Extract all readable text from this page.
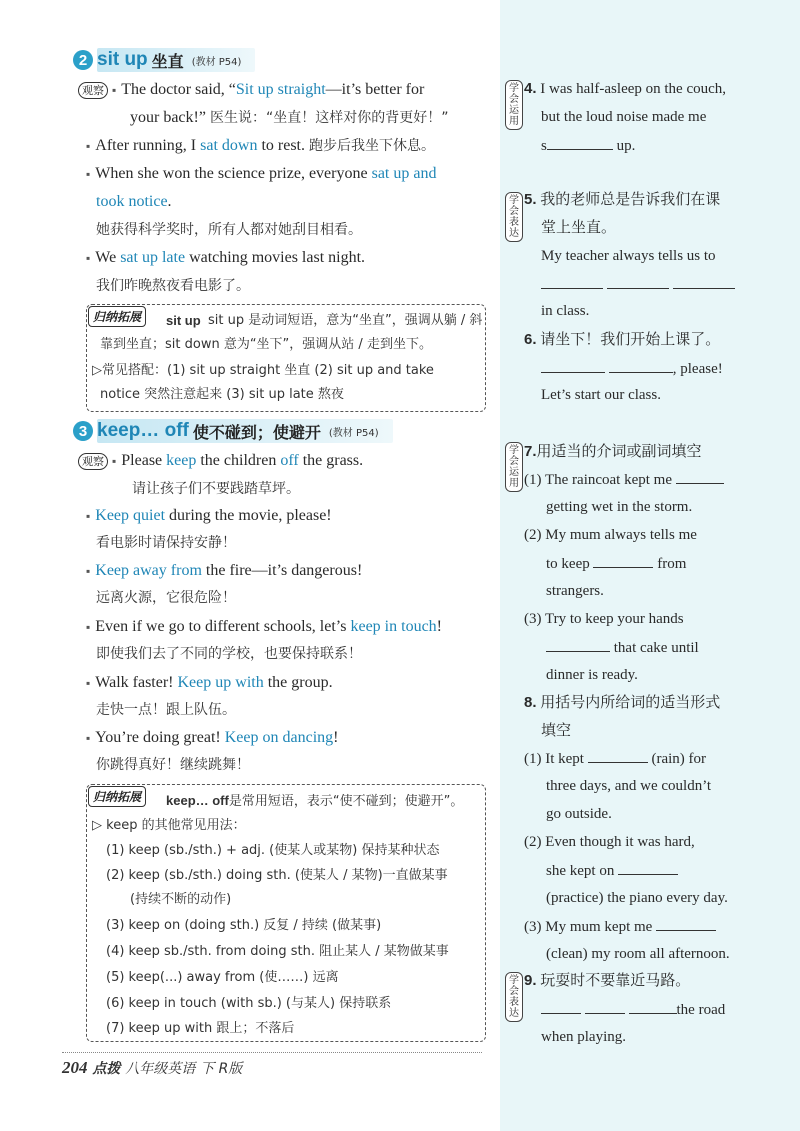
2 sit up 坐直 (教材 P54)
观察 ▪ The doctor said, “Sit up straight—it’s better for
your back!” 医生说：“坐直！这样对你的背更好！”
▪ After running, I sat down to rest. 跑步后我坐下休息。
▪ When she won the science prize, everyone sat up and
took notice.
她获得科学奖时，所有人都对她刮目相看。
▪ We sat up late watching movies last night.
我们昨晚熬夜看电影了。
归纳拓展	sit up sit up 是动词短语，意为“坐直”，强调从躺 / 斜
靠到坐直；sit down 意为“坐下”，强调从站 / 走到坐下。
▷常见搭配：(1) sit up straight 坐直 (2) sit up and take
notice 突然注意起来 (3) sit up late 熬夜
3 keep… off 使不碰到；使避开 (教材 P54)
观察 ▪ Please keep the children off the grass.
请让孩子们不要践踏草坪。
▪ Keep quiet during the movie, please!
看电影时请保持安静！
▪ Keep away from the fire—it’s dangerous!
远离火源，它很危险！
▪ Even if we go to different schools, let’s keep in touch!
即使我们去了不同的学校，也要保持联系！
▪ Walk faster! Keep up with the group.
走快一点！跟上队伍。
▪ You’re doing great! Keep on dancing!
你跳得真好！继续跳舞！
归纳拓展	keep… off是常用短语，表示“使不碰到；使避开”。
▷ keep 的其他常见用法：
(1) keep (sb./sth.) + adj. (使某人或某物) 保持某种状态
(2) keep (sb./sth.) doing sth. (使某人 / 某物)一直做某事
(持续不断的动作)
(3) keep on (doing sth.) 反复 / 持续 (做某事)
(4) keep sb./sth. from doing sth. 阻止某人 / 某物做某事
(5) keep(...) away from (使……) 远离
(6) keep in touch (with sb.) (与某人) 保持联系
(7) keep up with 跟上；不落后
204 点拨 八年级英语 下 R版
学
会
运
用
4. I was half-asleep on the couch,
but the loud noise made me
s	up.
学
会
表
达
5. 我的老师总是告诉我们在课
堂上坐直。
My teacher always tells us to

in class.
6. 请坐下！我们开始上课了。
, please!
Let’s start our class.
学
会
运
用
7.用适当的介词或副词填空
(1) The raincoat kept me
getting wet in the storm.
(2) My mum always tells me
to keep	from
strangers.
(3) Try to keep your hands
that cake until
dinner is ready.
8. 用括号内所给词的适当形式
填空
(1) It kept	(rain) for
three days, and we couldn’t
go outside.
(2) Even though it was hard,
she kept on
(practice) the piano every day.
(3) My mum kept me
(clean) my room all afternoon.
学
会
表
达
9. 玩耍时不要靠近马路。
the road
when playing.
